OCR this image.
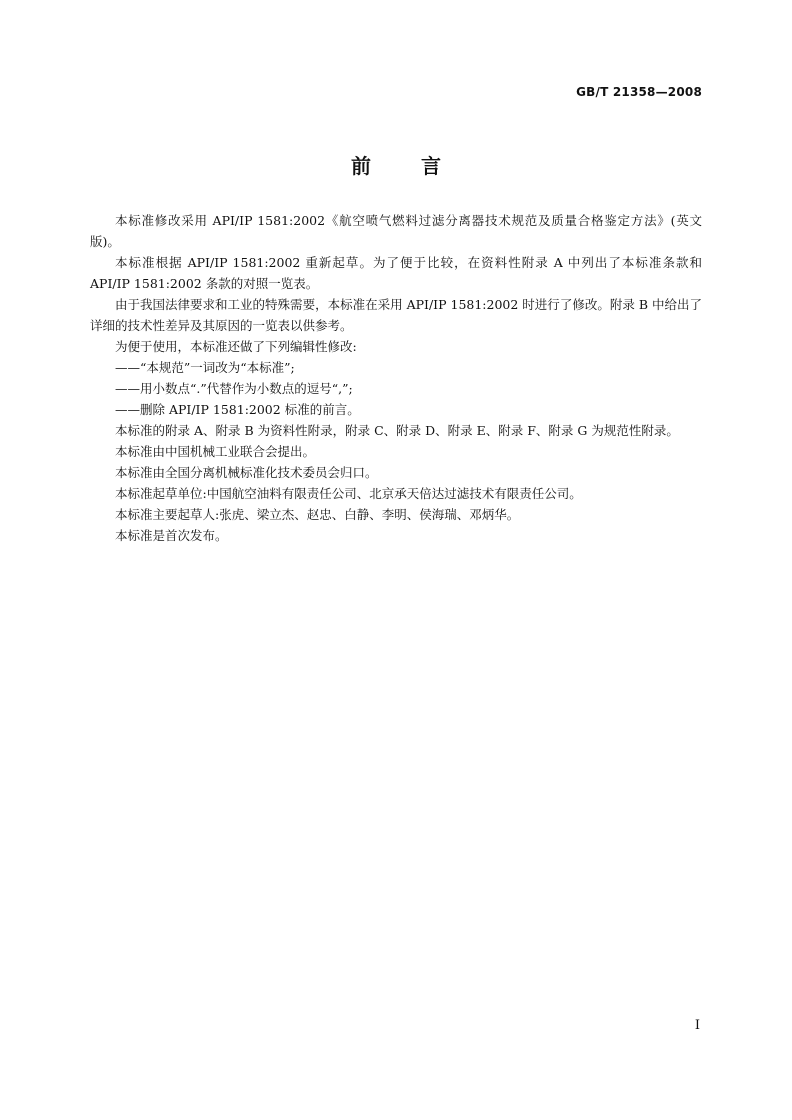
GB/T 21358—2008
前言

本标准修改采用 API/IP 1581:2002《航空喷气燃料过滤分离器技术规范及质量合格鉴定方法》(英文版)。

本标准根据 API/IP 1581:2002 重新起草。为了便于比较，在资料性附录 A 中列出了本标准条款和 API/IP 1581:2002 条款的对照一览表。

由于我国法律要求和工业的特殊需要，本标准在采用 API/IP 1581:2002 时进行了修改。附录 B 中给出了详细的技术性差异及其原因的一览表以供参考。

为便于使用，本标准还做了下列编辑性修改:

——“本规范”一词改为“本标准”;

——用小数点“.”代替作为小数点的逗号“,”;

——删除 API/IP 1581:2002 标准的前言。

本标准的附录 A、附录 B 为资料性附录，附录 C、附录 D、附录 E、附录 F、附录 G 为规范性附录。

本标准由中国机械工业联合会提出。

本标准由全国分离机械标准化技术委员会归口。

本标准起草单位:中国航空油料有限责任公司、北京承天倍达过滤技术有限责任公司。

本标准主要起草人:张虎、梁立杰、赵忠、白静、李明、侯海瑞、邓炳华。

本标准是首次发布。

I
